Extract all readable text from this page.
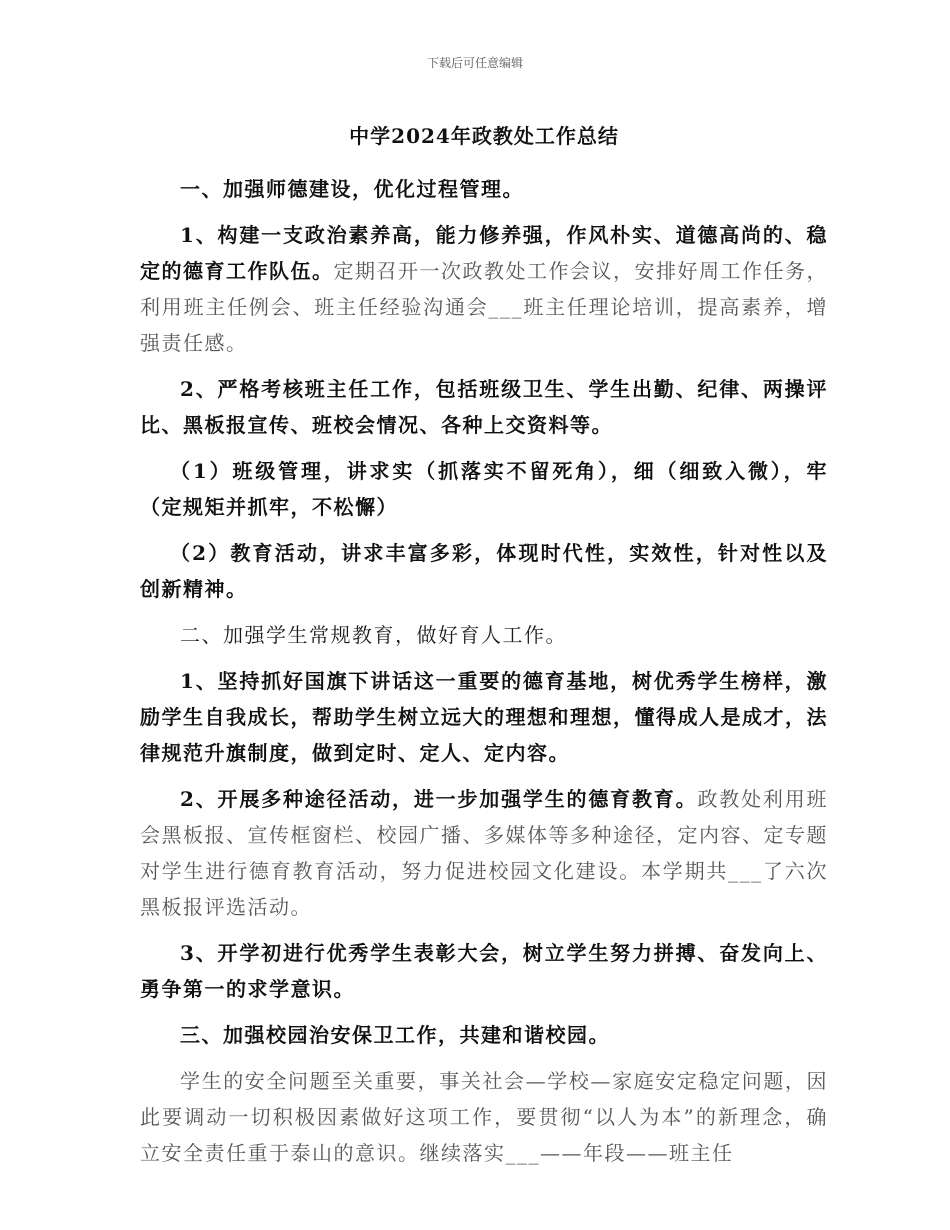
下载后可任意编辑
中学2024年政教处工作总结

一、加强师德建设，优化过程管理。

1、构建一支政治素养高，能力修养强，作风朴实、道德高尚的、稳定的德育工作队伍。定期召开一次政教处工作会议，安排好周工作任务，利用班主任例会、班主任经验沟通会___班主任理论培训，提高素养，增强责任感。

2、严格考核班主任工作，包括班级卫生、学生出勤、纪律、两操评比、黑板报宣传、班校会情况、各种上交资料等。

（1）班级管理，讲求实（抓落实不留死角），细（细致入微），牢（定规矩并抓牢，不松懈）

（2）教育活动，讲求丰富多彩，体现时代性，实效性，针对性以及创新精神。

二、加强学生常规教育，做好育人工作。

1、坚持抓好国旗下讲话这一重要的德育基地，树优秀学生榜样，激励学生自我成长，帮助学生树立远大的理想和理想，懂得成人是成才，法律规范升旗制度，做到定时、定人、定内容。

2、开展多种途径活动，进一步加强学生的德育教育。政教处利用班会黑板报、宣传框窗栏、校园广播、多媒体等多种途径，定内容、定专题对学生进行德育教育活动，努力促进校园文化建设。本学期共___了六次黑板报评选活动。

3、开学初进行优秀学生表彰大会，树立学生努力拼搏、奋发向上、勇争第一的求学意识。

三、加强校园治安保卫工作，共建和谐校园。

学生的安全问题至关重要，事关社会—学校—家庭安定稳定问题，因此要调动一切积极因素做好这项工作，要贯彻“以人为本”的新理念，确立安全责任重于泰山的意识。继续落实___——年段——班主任
